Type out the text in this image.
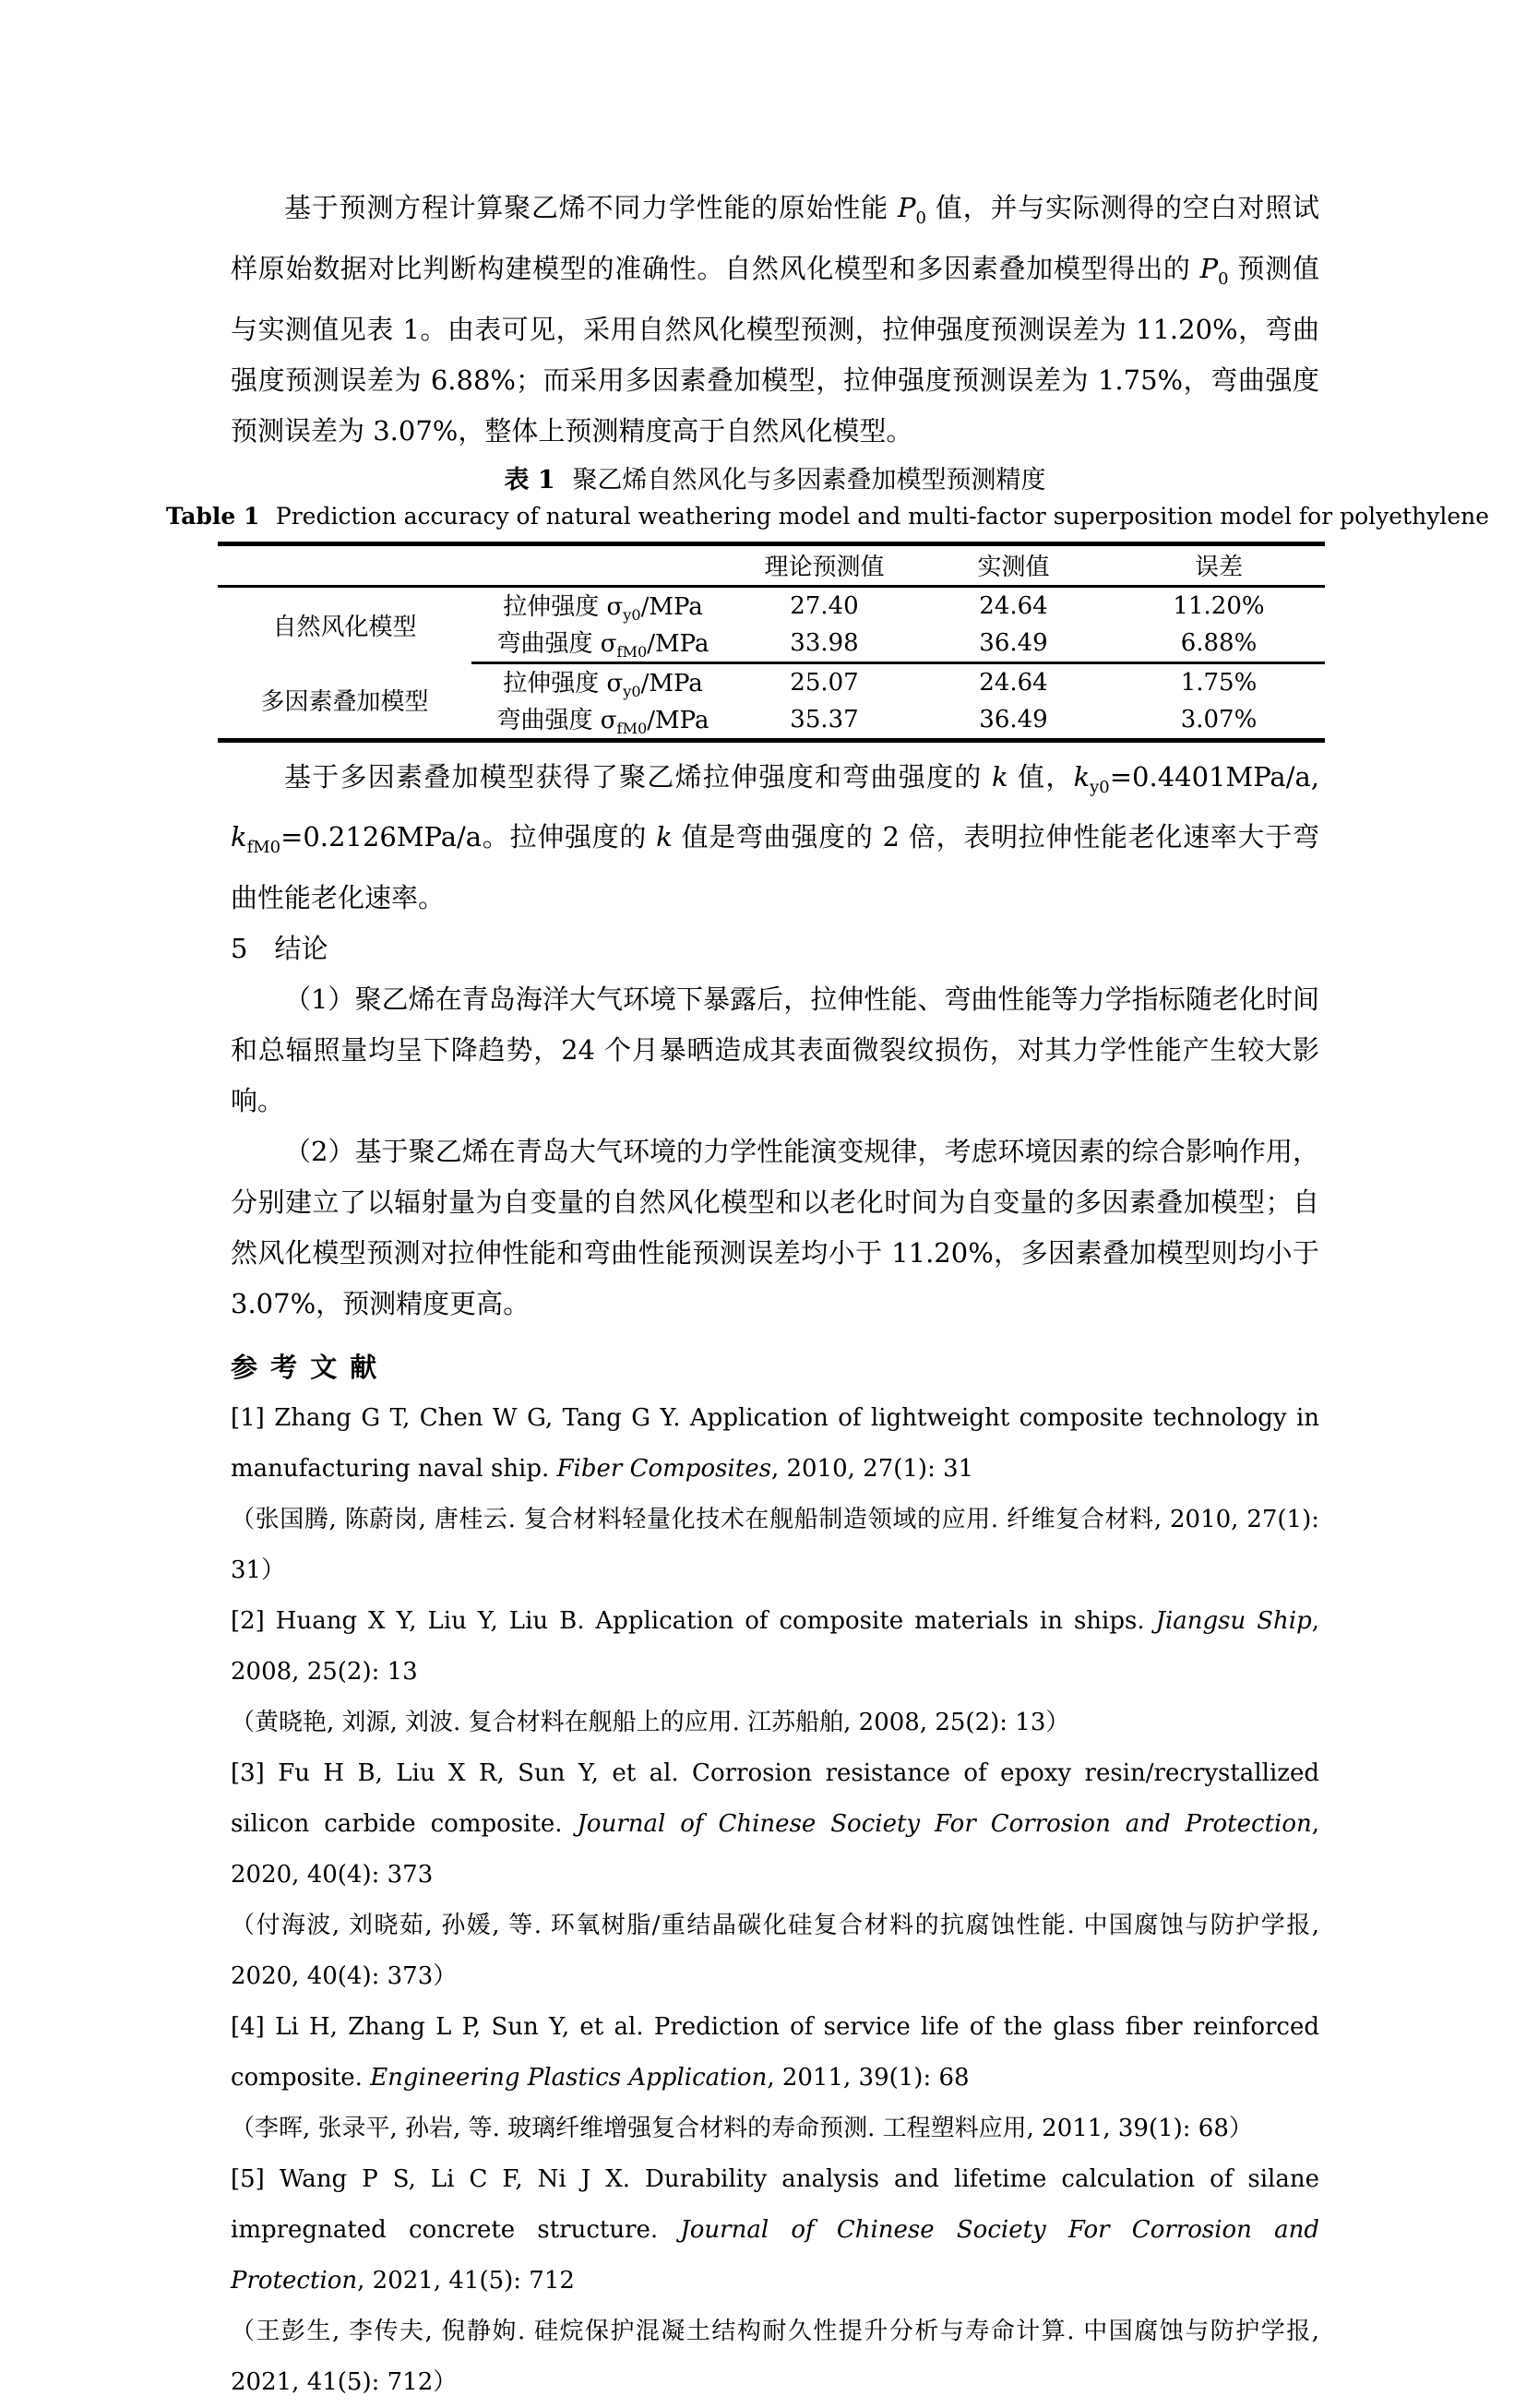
基于预测方程计算聚乙烯不同力学性能的原始性能 $P_0$ 值，并与实际测得的空白对照试样原始数据对比判断构建模型的准确性。自然风化模型和多因素叠加模型得出的 $P_0$ 预测值与实测值见表 1。由表可见，采用自然风化模型预测，拉伸强度预测误差为 11.20%，弯曲强度预测误差为 6.88%；而采用多因素叠加模型，拉伸强度预测误差为 1.75%，弯曲强度预测误差为 3.07%，整体上预测精度高于自然风化模型。

表 1 聚乙烯自然风化与多因素叠加模型预测精度
Table 1 Prediction accuracy of natural weathering model and multi-factor superposition model for polyethylene
		理论预测值	实测值	误差
自然风化模型	拉伸强度 $\sigma_{y0}$/MPa	27.40	24.64	11.20%
	弯曲强度 $\sigma_{fM0}$/MPa	33.98	36.49	6.88%
多因素叠加模型	拉伸强度 $\sigma_{y0}$/MPa	25.07	24.64	1.75%
	弯曲强度 $\sigma_{fM0}$/MPa	35.37	36.49	3.07%

基于多因素叠加模型获得了聚乙烯拉伸强度和弯曲强度的 k 值，$k_{y0}=0.4401MPa/a$, $k_{fM0}=0.2126MPa/a$。拉伸强度的 k 值是弯曲强度的 2 倍，表明拉伸性能老化速率大于弯曲性能老化速率。

5　结论

（1）聚乙烯在青岛海洋大气环境下暴露后，拉伸性能、弯曲性能等力学指标随老化时间和总辐照量均呈下降趋势，24 个月暴晒造成其表面微裂纹损伤，对其力学性能产生较大影响。

（2）基于聚乙烯在青岛大气环境的力学性能演变规律，考虑环境因素的综合影响作用，分别建立了以辐射量为自变量的自然风化模型和以老化时间为自变量的多因素叠加模型；自然风化模型预测对拉伸性能和弯曲性能预测误差均小于 11.20%，多因素叠加模型则均小于 3.07%，预测精度更高。

参 考 文 献

[1] Zhang G T, Chen W G, Tang G Y. Application of lightweight composite technology in manufacturing naval ship. Fiber Composites, 2010, 27(1): 31

（张国腾, 陈蔚岗, 唐桂云. 复合材料轻量化技术在舰船制造领域的应用. 纤维复合材料, 2010, 27(1): 31）

[2] Huang X Y, Liu Y, Liu B. Application of composite materials in ships. Jiangsu Ship, 2008, 25(2): 13

（黄晓艳, 刘源, 刘波. 复合材料在舰船上的应用. 江苏船舶, 2008, 25(2): 13）

[3] Fu H B, Liu X R, Sun Y, et al. Corrosion resistance of epoxy resin/recrystallized silicon carbide composite. Journal of Chinese Society For Corrosion and Protection, 2020, 40(4): 373

（付海波, 刘晓茹, 孙媛, 等. 环氧树脂/重结晶碳化硅复合材料的抗腐蚀性能. 中国腐蚀与防护学报, 2020, 40(4): 373）

[4] Li H, Zhang L P, Sun Y, et al. Prediction of service life of the glass fiber reinforced composite. Engineering Plastics Application, 2011, 39(1): 68

（李晖, 张录平, 孙岩, 等. 玻璃纤维增强复合材料的寿命预测. 工程塑料应用, 2011, 39(1): 68）

[5] Wang P S, Li C F, Ni J X. Durability analysis and lifetime calculation of silane impregnated concrete structure. Journal of Chinese Society For Corrosion and Protection, 2021, 41(5): 712

（王彭生, 李传夫, 倪静姁. 硅烷保护混凝土结构耐久性提升分析与寿命计算. 中国腐蚀与防护学报, 2021, 41(5): 712）
